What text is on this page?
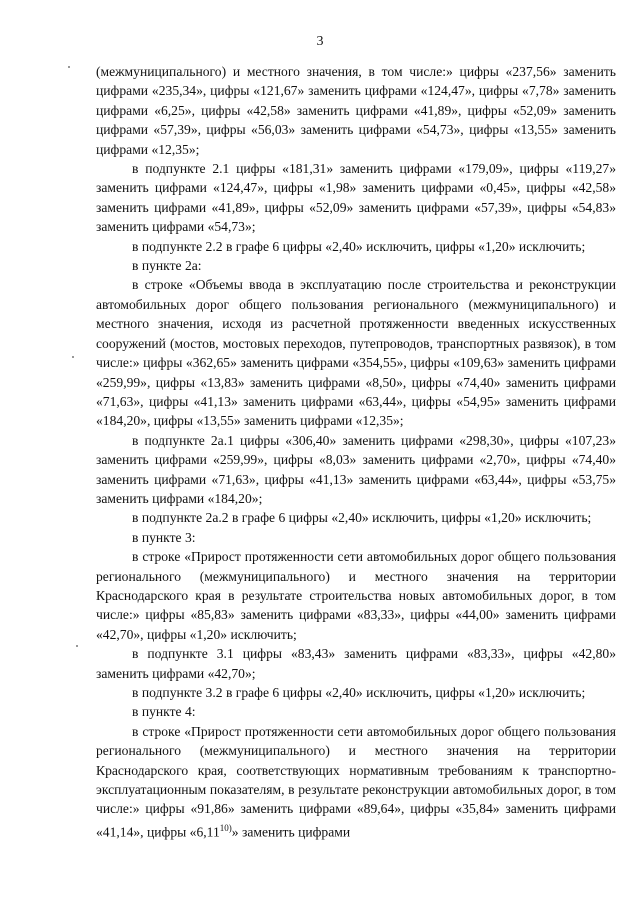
3

(межмуниципального) и местного значения, в том числе:» цифры «237,56» заменить цифрами «235,34», цифры «121,67» заменить цифрами «124,47», цифры «7,78» заменить цифрами «6,25», цифры «42,58» заменить цифрами «41,89», цифры «52,09» заменить цифрами «57,39», цифры «56,03» заменить цифрами «54,73», цифры «13,55» заменить цифрами «12,35»;

в подпункте 2.1 цифры «181,31» заменить цифрами «179,09», цифры «119,27» заменить цифрами «124,47», цифры «1,98» заменить цифрами «0,45», цифры «42,58» заменить цифрами «41,89», цифры «52,09» заменить цифрами «57,39», цифры «54,83» заменить цифрами «54,73»;

в подпункте 2.2 в графе 6 цифры «2,40» исключить, цифры «1,20» исключить;

в пункте 2а:

в строке «Объемы ввода в эксплуатацию после строительства и реконструкции автомобильных дорог общего пользования регионального (межмуниципального) и местного значения, исходя из расчетной протяженности введенных искусственных сооружений (мостов, мостовых переходов, путепроводов, транспортных развязок), в том числе:» цифры «362,65» заменить цифрами «354,55», цифры «109,63» заменить цифрами «259,99», цифры «13,83» заменить цифрами «8,50», цифры «74,40» заменить цифрами «71,63», цифры «41,13» заменить цифрами «63,44», цифры «54,95» заменить цифрами «184,20», цифры «13,55» заменить цифрами «12,35»;

в подпункте 2а.1 цифры «306,40» заменить цифрами «298,30», цифры «107,23» заменить цифрами «259,99», цифры «8,03» заменить цифрами «2,70», цифры «74,40» заменить цифрами «71,63», цифры «41,13» заменить цифрами «63,44», цифры «53,75» заменить цифрами «184,20»;

в подпункте 2а.2 в графе 6 цифры «2,40» исключить, цифры «1,20» исключить;

в пункте 3:

в строке «Прирост протяженности сети автомобильных дорог общего пользования регионального (межмуниципального) и местного значения на территории Краснодарского края в результате строительства новых автомобильных дорог, в том числе:» цифры «85,83» заменить цифрами «83,33», цифры «44,00» заменить цифрами «42,70», цифры «1,20» исключить;

в подпункте 3.1 цифры «83,43» заменить цифрами «83,33», цифры «42,80» заменить цифрами «42,70»;

в подпункте 3.2 в графе 6 цифры «2,40» исключить, цифры «1,20» исключить;

в пункте 4:

в строке «Прирост протяженности сети автомобильных дорог общего пользования регионального (межмуниципального) и местного значения на территории Краснодарского края, соответствующих нормативным требованиям к транспортно-эксплуатационным показателям, в результате реконструкции автомобильных дорог, в том числе:» цифры «91,86» заменить цифрами «89,64», цифры «35,84» заменить цифрами «41,14», цифры «6,11$^{10)}$» заменить цифрами
